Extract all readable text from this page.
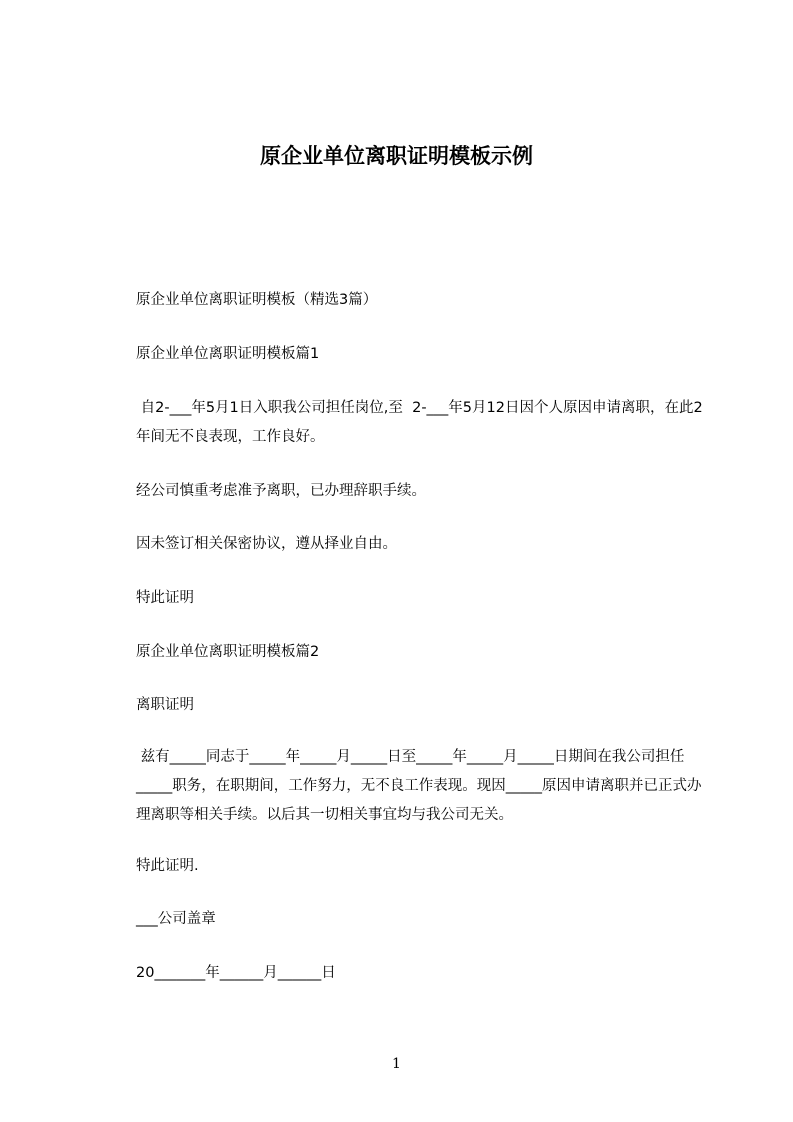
原企业单位离职证明模板示例

原企业单位离职证明模板（精选3篇）

原企业单位离职证明模板篇1

自2-___年5月1日入职我公司担任岗位,至  2-___年5月12日因个人原因申请离职，在此2年间无不良表现，工作良好。

经公司慎重考虑准予离职，已办理辞职手续。

因未签订相关保密协议，遵从择业自由。

特此证明

原企业单位离职证明模板篇2

离职证明

兹有_____同志于_____年_____月_____日至_____年_____月_____日期间在我公司担任_____职务，在职期间，工作努力，无不良工作表现。现因_____原因申请离职并已正式办理离职等相关手续。以后其一切相关事宜均与我公司无关。

特此证明.

___公司盖章

20_______年______月______日

1
